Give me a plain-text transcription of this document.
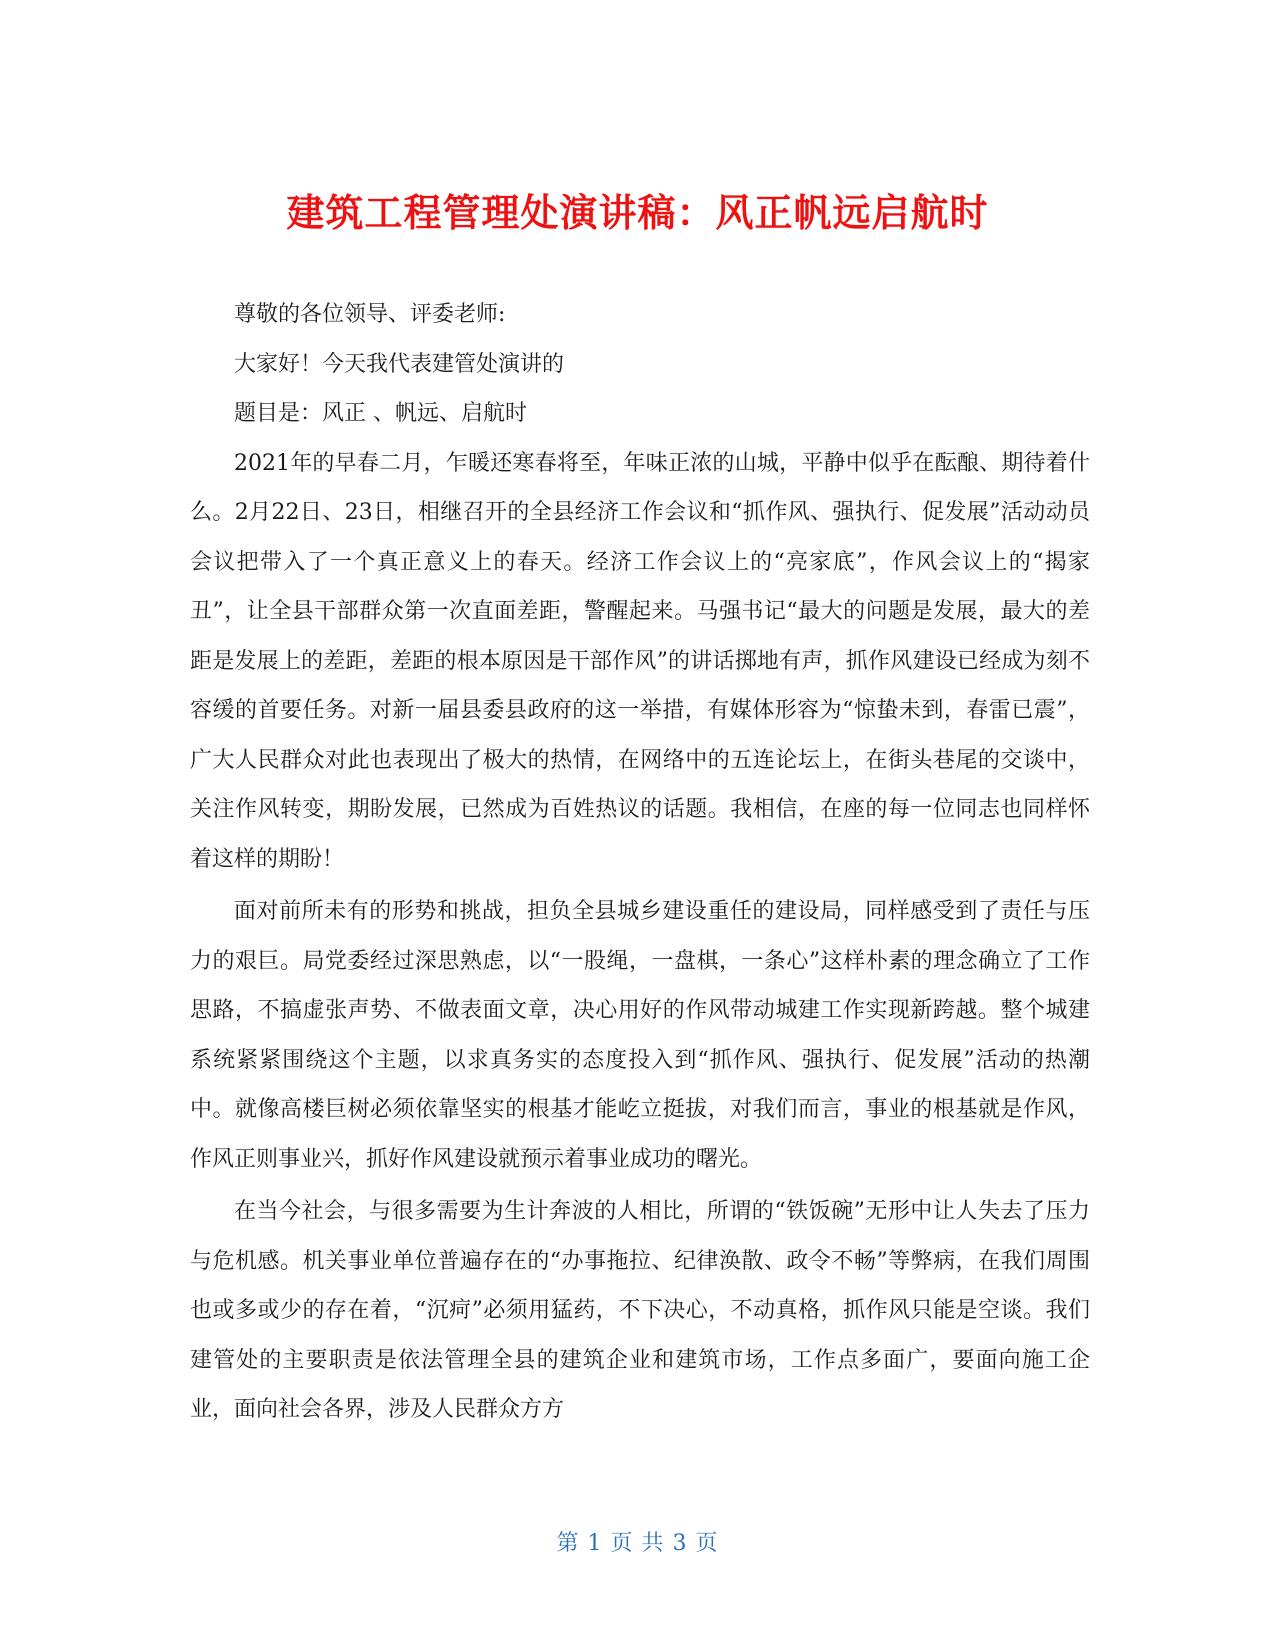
建筑工程管理处演讲稿：风正帆远启航时

尊敬的各位领导、评委老师:

大家好！今天我代表建管处演讲的

题目是：风正 、帆远、启航时

2021年的早春二月，乍暖还寒春将至，年味正浓的山城，平静中似乎在酝酿、期待着什么。2月22日、23日，相继召开的全县经济工作会议和“抓作风、强执行、促发展”活动动员会议把带入了一个真正意义上的春天。经济工作会议上的“亮家底”，作风会议上的“揭家丑”，让全县干部群众第一次直面差距，警醒起来。马强书记“最大的问题是发展，最大的差距是发展上的差距，差距的根本原因是干部作风”的讲话掷地有声，抓作风建设已经成为刻不容缓的首要任务。对新一届县委县政府的这一举措，有媒体形容为“惊蛰未到，春雷已震”，广大人民群众对此也表现出了极大的热情，在网络中的五连论坛上，在街头巷尾的交谈中，关注作风转变，期盼发展，已然成为百姓热议的话题。我相信，在座的每一位同志也同样怀着这样的期盼！

面对前所未有的形势和挑战，担负全县城乡建设重任的建设局，同样感受到了责任与压力的艰巨。局党委经过深思熟虑，以“一股绳，一盘棋，一条心”这样朴素的理念确立了工作思路，不搞虚张声势、不做表面文章，决心用好的作风带动城建工作实现新跨越。整个城建系统紧紧围绕这个主题，以求真务实的态度投入到“抓作风、强执行、促发展”活动的热潮中。就像高楼巨树必须依靠坚实的根基才能屹立挺拔，对我们而言，事业的根基就是作风，作风正则事业兴，抓好作风建设就预示着事业成功的曙光。

在当今社会，与很多需要为生计奔波的人相比，所谓的“铁饭碗”无形中让人失去了压力与危机感。机关事业单位普遍存在的“办事拖拉、纪律涣散、政令不畅”等弊病，在我们周围也或多或少的存在着，“沉疴”必须用猛药，不下决心，不动真格，抓作风只能是空谈。我们建管处的主要职责是依法管理全县的建筑企业和建筑市场，工作点多面广，要面向施工企业，面向社会各界，涉及人民群众方方

第 1 页 共 3 页
